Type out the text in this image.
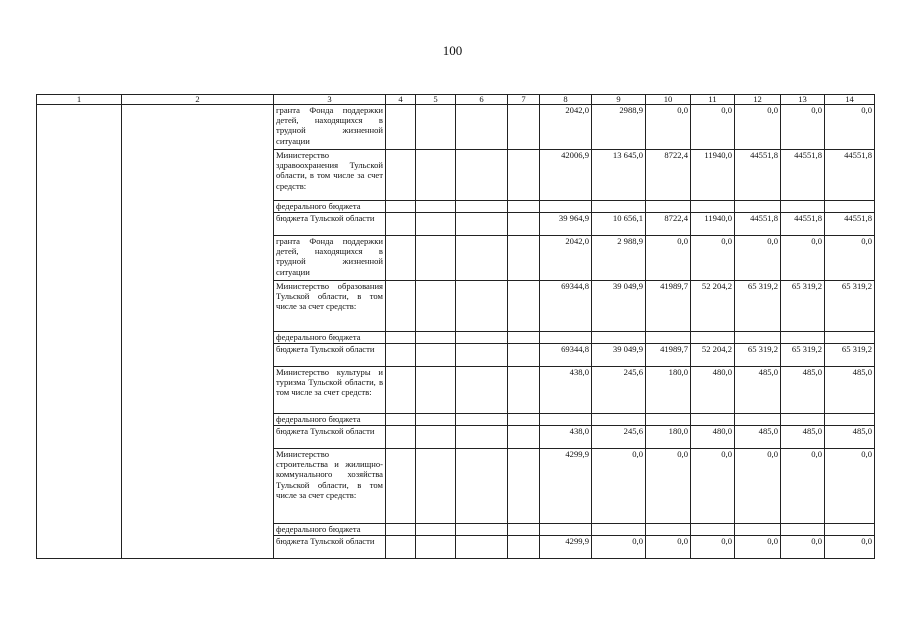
100
1	2	3	4	5	6	7	8	9	10	11	12	13	14
		гранта Фонда поддержки детей, находящихся в трудной жизненной ситуации					2042,0	2988,9	0,0	0,0	0,0	0,0	0,0
		Министерство здравоохранения Тульской области, в том числе за счет средств:					42006,9	13 645,0	8722,4	11940,0	44551,8	44551,8	44551,8
		федерального бюджета											
		бюджета Тульской области					39 964,9	10 656,1	8722,4	11940,0	44551,8	44551,8	44551,8
		гранта Фонда поддержки детей, находящихся в трудной жизненной ситуации					2042,0	2 988,9	0,0	0,0	0,0	0,0	0,0
		Министерство образования Тульской области, в том числе за счет средств:					69344,8	39 049,9	41989,7	52 204,2	65 319,2	65 319,2	65 319,2
		федерального бюджета											
		бюджета Тульской области					69344,8	39 049,9	41989,7	52 204,2	65 319,2	65 319,2	65 319,2
		Министерство культуры и туризма Тульской области, в том числе за счет средств:					438,0	245,6	180,0	480,0	485,0	485,0	485,0
		федерального бюджета											
		бюджета Тульской области					438,0	245,6	180,0	480,0	485,0	485,0	485,0
		Министерство строительства и жилищно-коммунального хозяйства Тульской области, в том числе за счет средств:					4299,9	0,0	0,0	0,0	0,0	0,0	0,0
		федерального бюджета											
		бюджета Тульской области					4299,9	0,0	0,0	0,0	0,0	0,0	0,0
